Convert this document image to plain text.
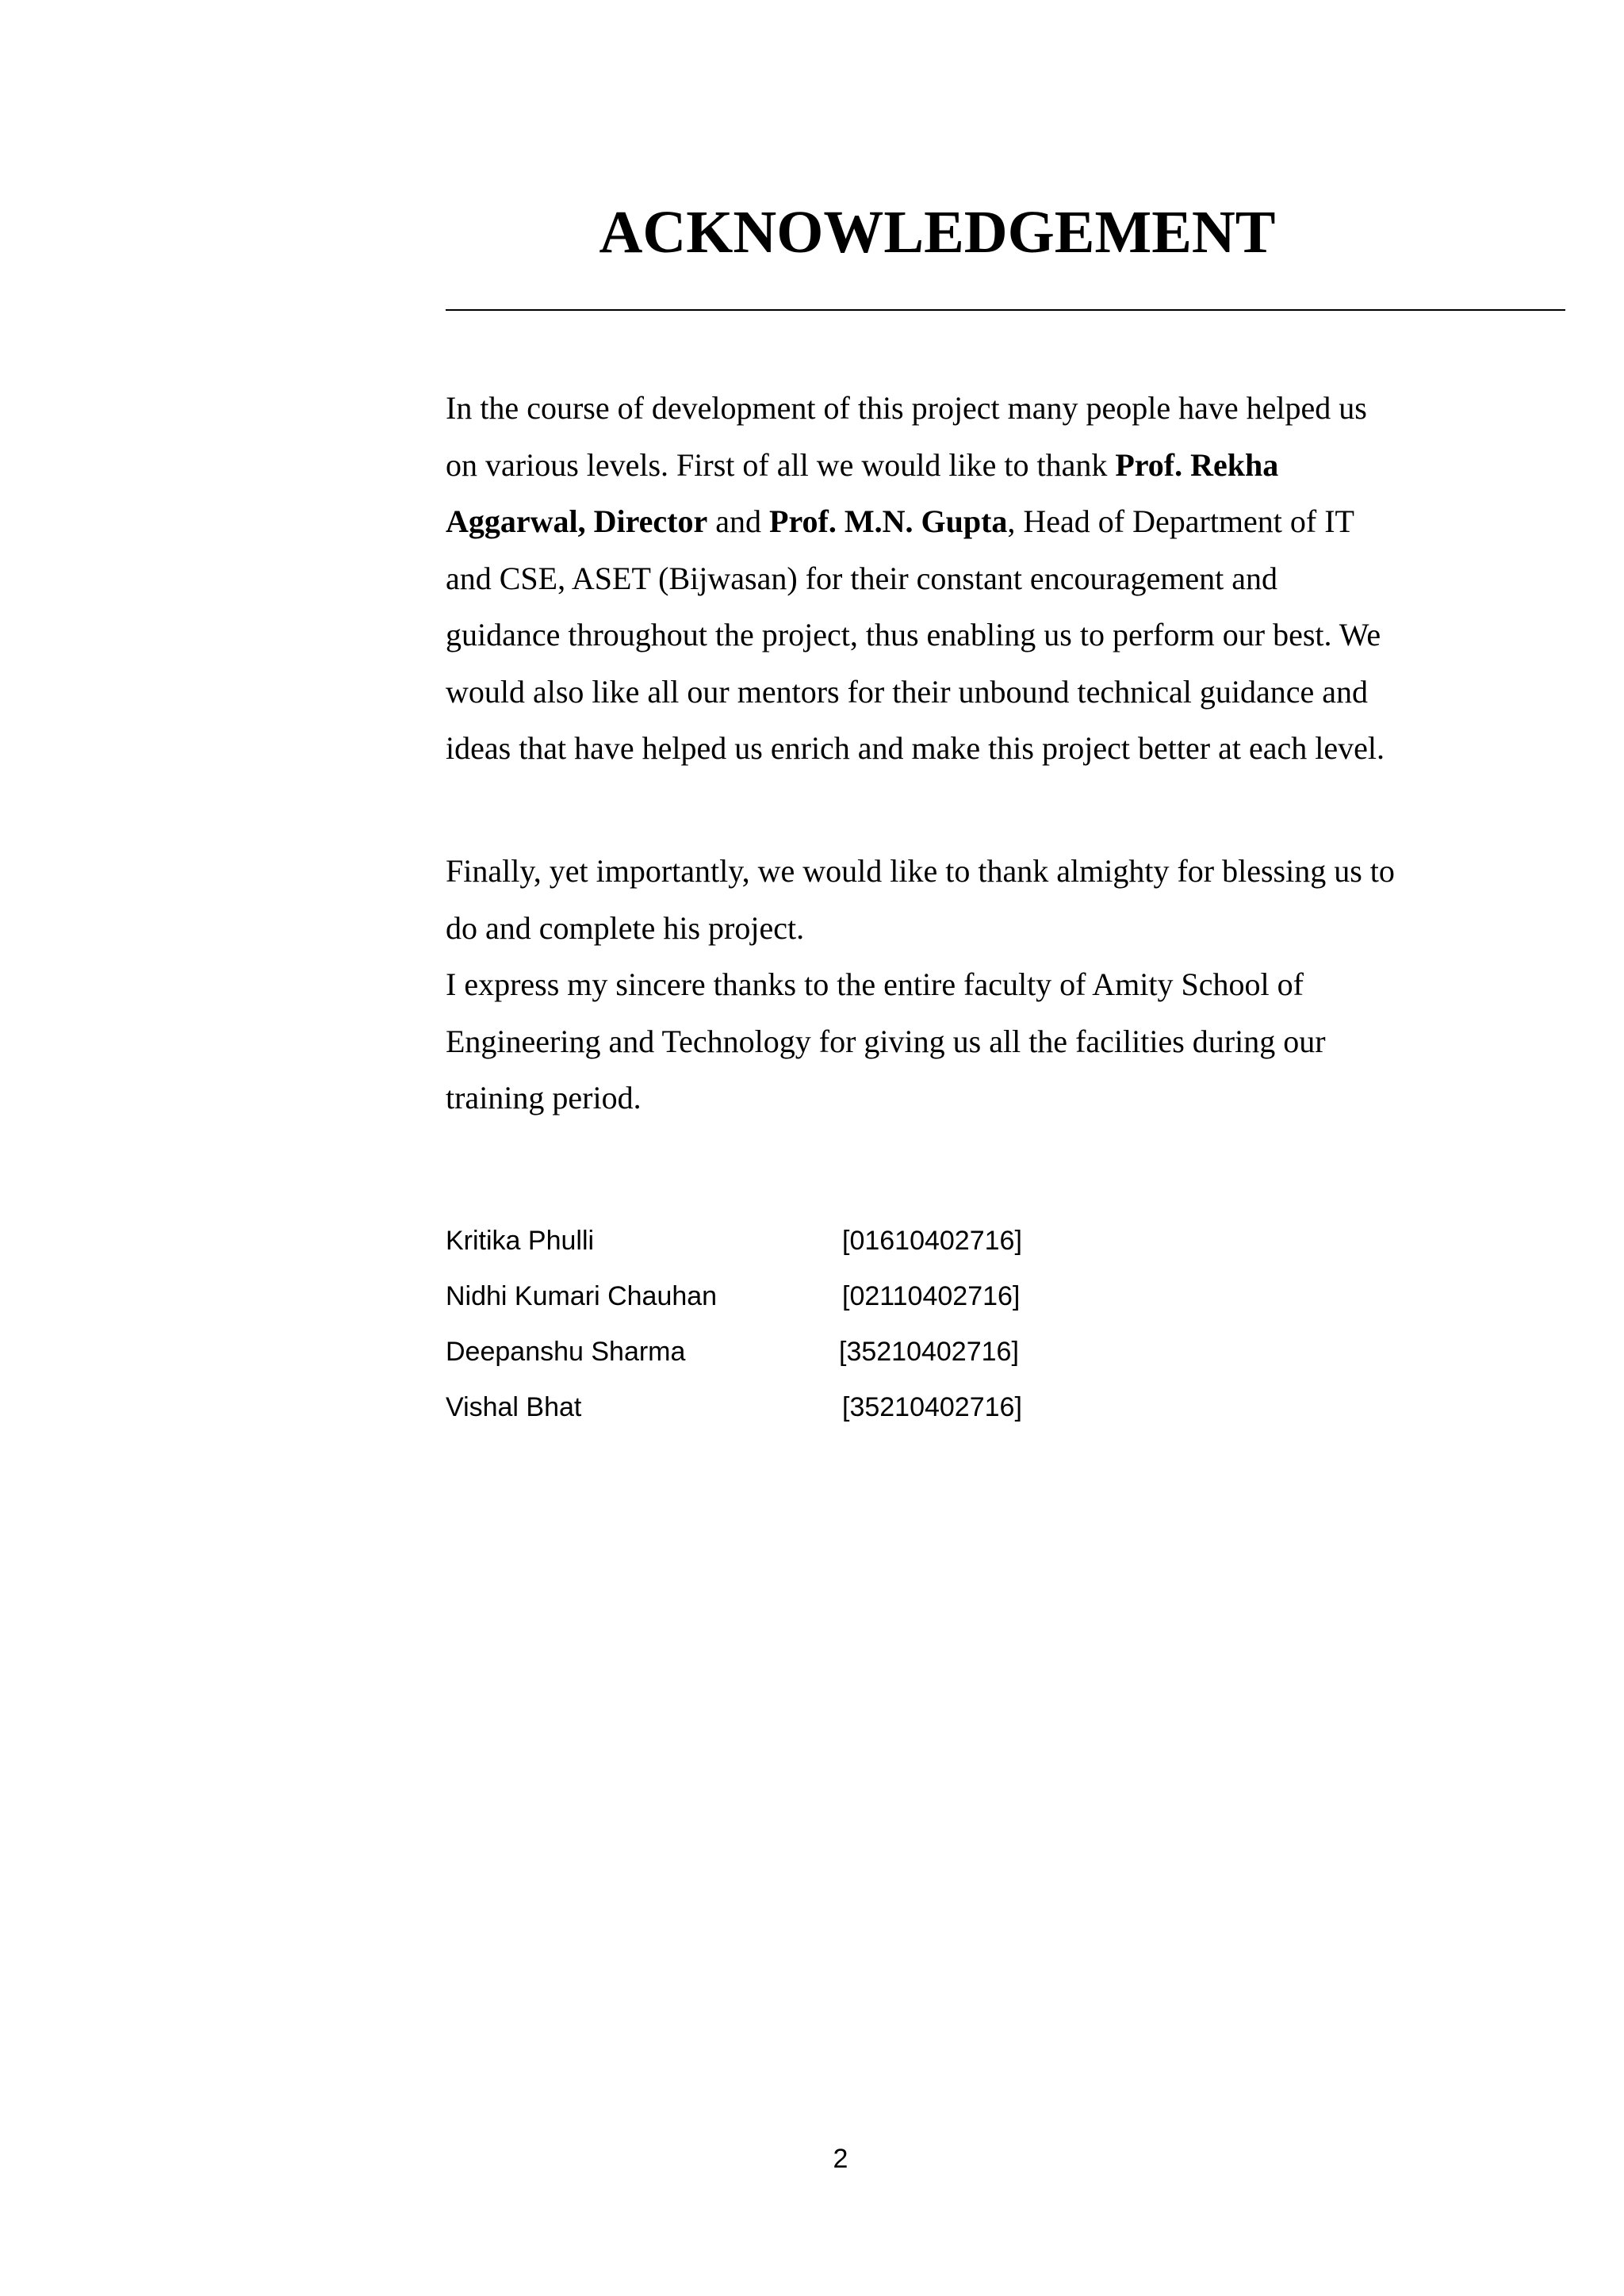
ACKNOWLEDGEMENT

In the course of development of this project many people have helped us
on various levels. First of all we would like to thank Prof. Rekha
Aggarwal, Director and Prof. M.N. Gupta, Head of Department of IT
and CSE, ASET (Bijwasan) for their constant encouragement and
guidance throughout the project, thus enabling us to perform our best. We
would also like all our mentors for their unbound technical guidance and
ideas that have helped us enrich and make this project better at each level.

Finally, yet importantly, we would like to thank almighty for blessing us to
do and complete his project.
I express my sincere thanks to the entire faculty of Amity School of
Engineering and Technology for giving us all the facilities during our
training period.

Kritika Phulli	[01610402716]
Nidhi Kumari Chauhan	[02110402716]
Deepanshu Sharma	[35210402716]
Vishal Bhat	[35210402716]
2
